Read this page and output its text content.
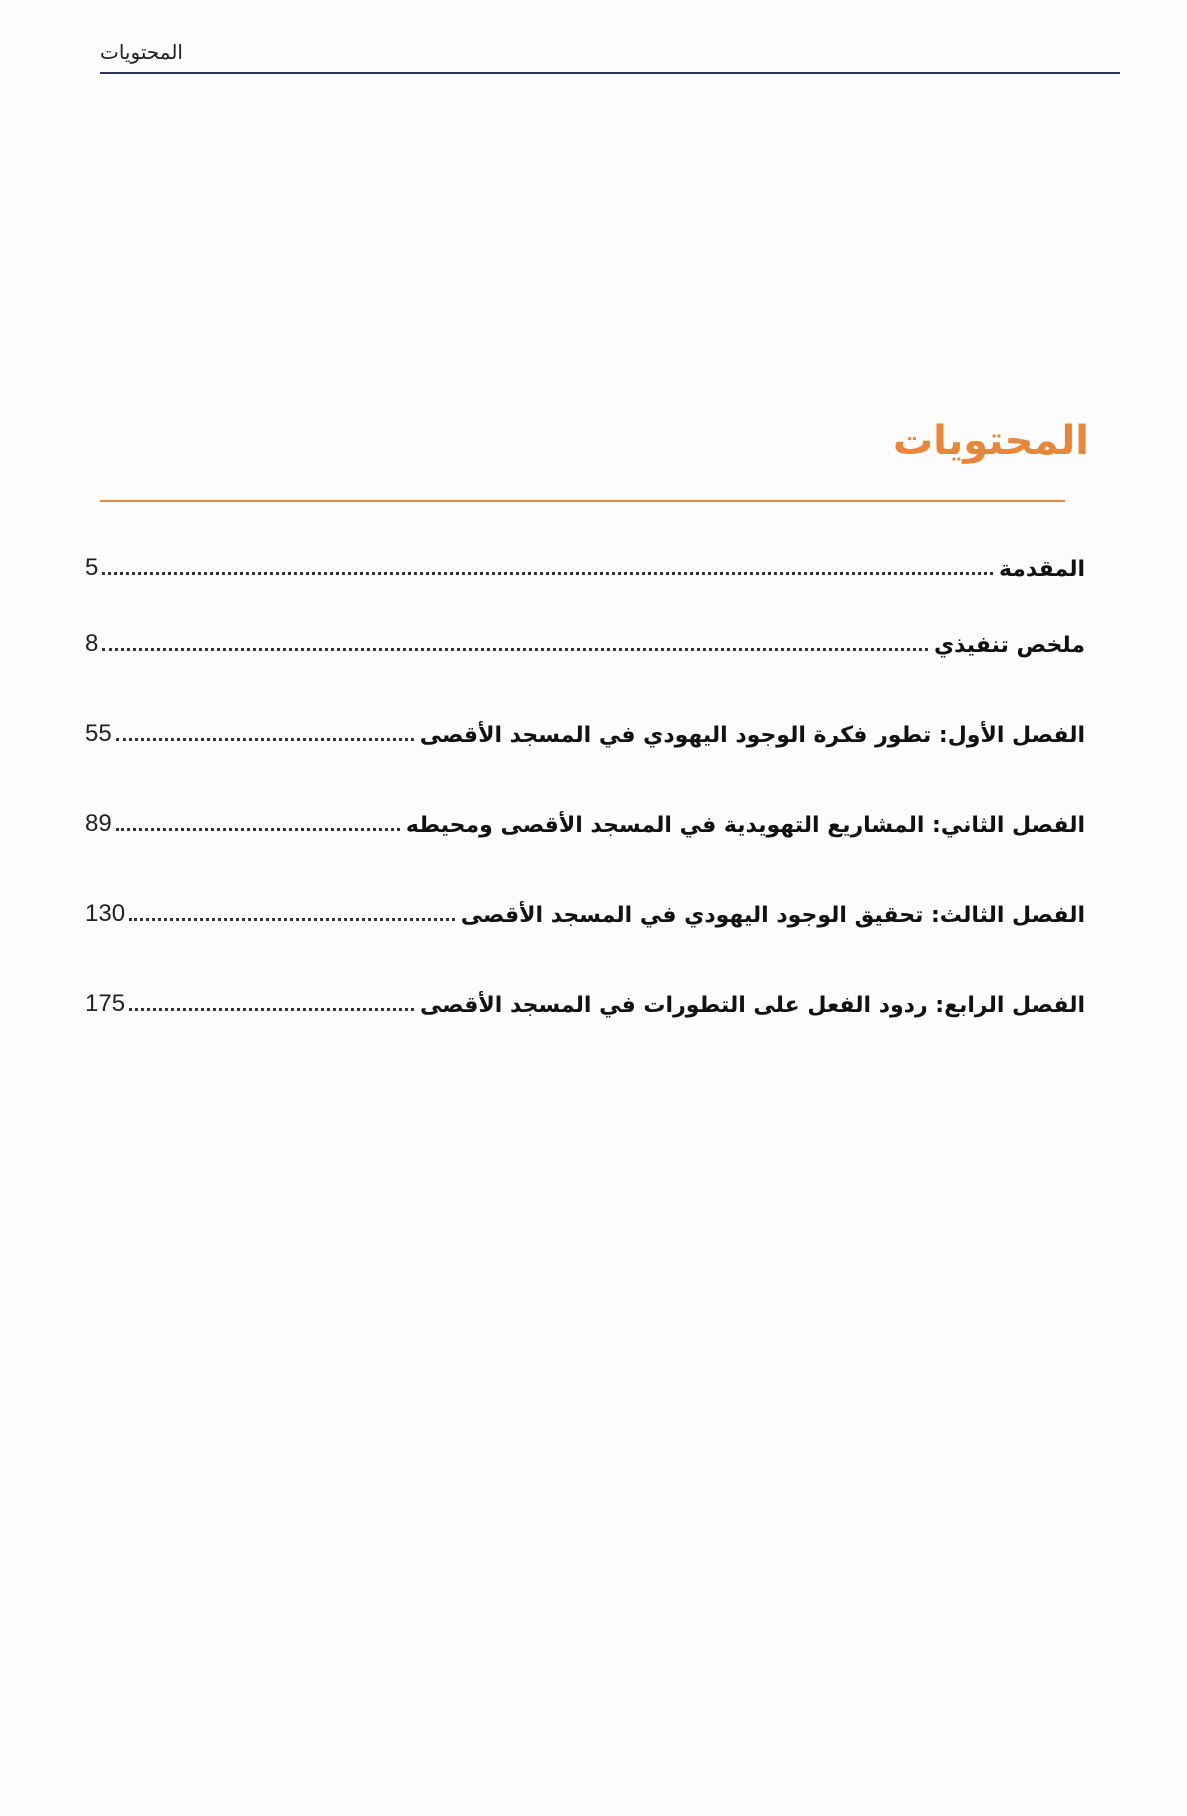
المحتويات
المحتويات
المقدمة
5
ملخص تنفيذي
8
الفصل الأول: تطور فكرة الوجود اليهودي في المسجد الأقصى
55
الفصل الثاني: المشاريع التهويدية في المسجد الأقصى ومحيطه
89
الفصل الثالث: تحقيق الوجود اليهودي في المسجد الأقصى
130
الفصل الرابع: ردود الفعل على التطورات في المسجد الأقصى
175
